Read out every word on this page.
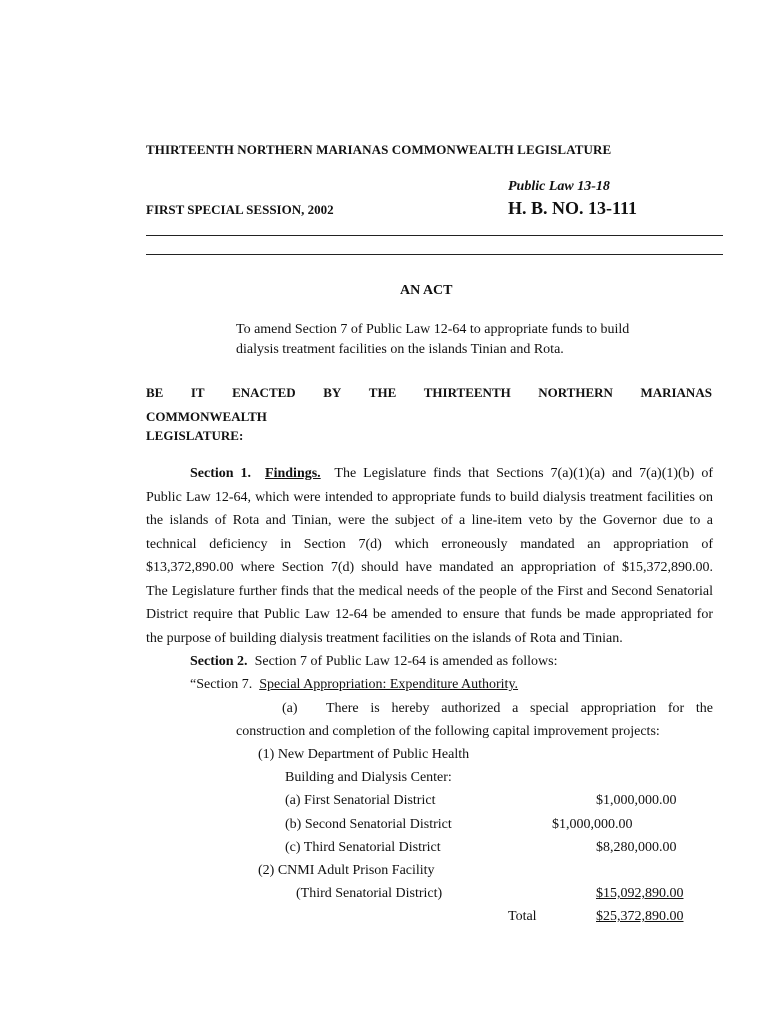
THIRTEENTH NORTHERN MARIANAS COMMONWEALTH LEGISLATURE
Public Law 13-18
FIRST SPECIAL SESSION, 2002	H. B. NO. 13-111
AN ACT
To amend Section 7 of Public Law 12-64 to appropriate funds to build
dialysis treatment facilities on the islands Tinian and Rota.
BE IT ENACTED BY THE THIRTEENTH NORTHERN MARIANAS
COMMONWEALTH
LEGISLATURE:
Section 1. Findings. The Legislature finds that Sections 7(a)(1)(a) and 7(a)(1)(b) of
Public Law 12-64, which were intended to appropriate funds to build dialysis treatment facilities on
the islands of Rota and Tinian, were the subject of a line-item veto by the Governor due to a
technical deficiency in Section 7(d) which erroneously mandated an appropriation of
$13,372,890.00 where Section 7(d) should have mandated an appropriation of $15,372,890.00.
The Legislature further finds that the medical needs of the people of the First and Second Senatorial
District require that Public Law 12-64 be amended to ensure that funds be made appropriated for
the purpose of building dialysis treatment facilities on the islands of Rota and Tinian.
Section 2. Section 7 of Public Law 12-64 is amended as follows:
“Section 7. Special Appropriation: Expenditure Authority.
(a) There is hereby authorized a special appropriation for the
construction and completion of the following capital improvement projects:
(1) New Department of Public Health
Building and Dialysis Center:
(a) First Senatorial District	$1,000,000.00
(b) Second Senatorial District	$1,000,000.00
(c) Third Senatorial District	$8,280,000.00
(2) CNMI Adult Prison Facility
(Third Senatorial District)	$15,092,890.00
Total	$25,372,890.00
